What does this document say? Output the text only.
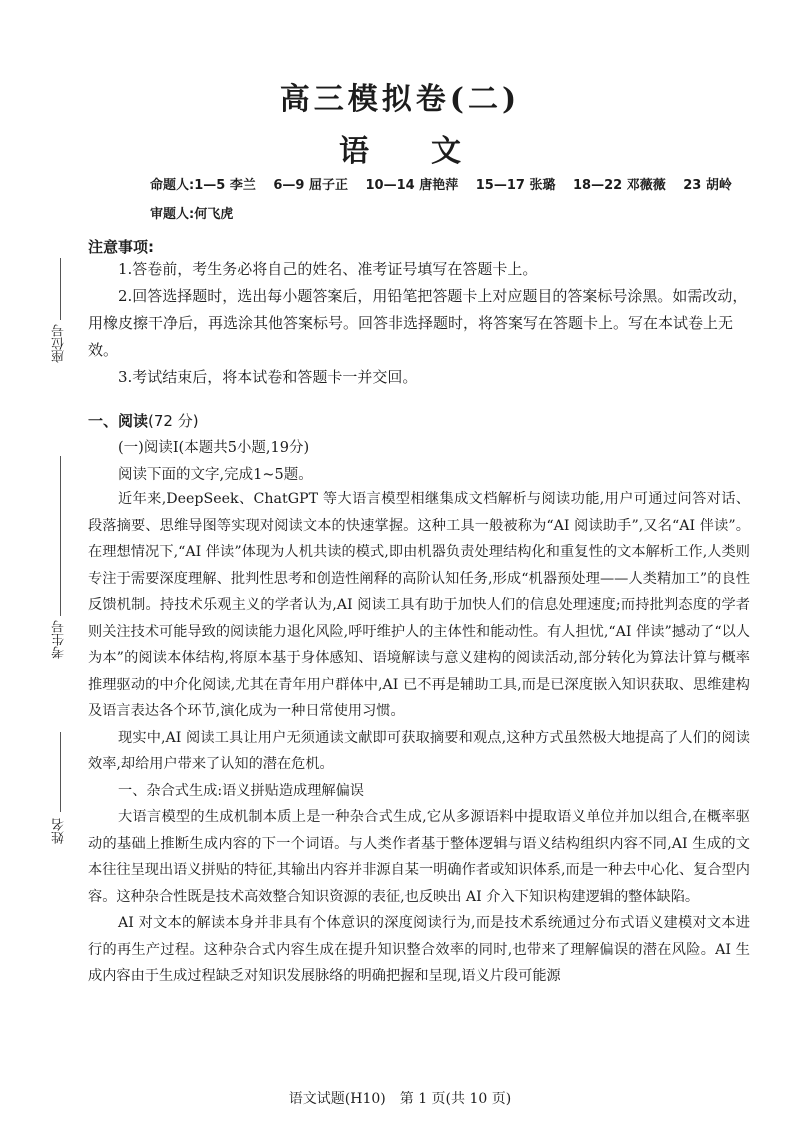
高三模拟卷(二)
语 文
命题人:1—5 李兰 6—9 屈子正 10—14 唐艳萍 15—17 张璐 18—22 邓薇薇 23 胡岭
审题人:何飞虎
座位号
考生号
姓名
注意事项:

1.答卷前，考生务必将自己的姓名、准考证号填写在答题卡上。

2.回答选择题时，选出每小题答案后，用铅笔把答题卡上对应题目的答案标号涂黑。如需改动，用橡皮擦干净后，再选涂其他答案标号。回答非选择题时，将答案写在答题卡上。写在本试卷上无效。

3.考试结束后，将本试卷和答题卡一并交回。

一、阅读(72 分)
(一)阅读Ⅰ(本题共5小题,19分)
阅读下面的文字,完成1~5题。

近年来,DeepSeek、ChatGPT 等大语言模型相继集成文档解析与阅读功能,用户可通过问答对话、段落摘要、思维导图等实现对阅读文本的快速掌握。这种工具一般被称为“AI 阅读助手”,又名“AI 伴读”。在理想情况下,“AI 伴读”体现为人机共读的模式,即由机器负责处理结构化和重复性的文本解析工作,人类则专注于需要深度理解、批判性思考和创造性阐释的高阶认知任务,形成“机器预处理——人类精加工”的良性反馈机制。持技术乐观主义的学者认为,AI 阅读工具有助于加快人们的信息处理速度;而持批判态度的学者则关注技术可能导致的阅读能力退化风险,呼吁维护人的主体性和能动性。有人担忧,“AI 伴读”撼动了“以人为本”的阅读本体结构,将原本基于身体感知、语境解读与意义建构的阅读活动,部分转化为算法计算与概率推理驱动的中介化阅读,尤其在青年用户群体中,AI 已不再是辅助工具,而是已深度嵌入知识获取、思维建构及语言表达各个环节,演化成为一种日常使用习惯。

现实中,AI 阅读工具让用户无须通读文献即可获取摘要和观点,这种方式虽然极大地提高了人们的阅读效率,却给用户带来了认知的潜在危机。

一、杂合式生成:语义拼贴造成理解偏误

大语言模型的生成机制本质上是一种杂合式生成,它从多源语料中提取语义单位并加以组合,在概率驱动的基础上推断生成内容的下一个词语。与人类作者基于整体逻辑与语义结构组织内容不同,AI 生成的文本往往呈现出语义拼贴的特征,其输出内容并非源自某一明确作者或知识体系,而是一种去中心化、复合型内容。这种杂合性既是技术高效整合知识资源的表征,也反映出 AI 介入下知识构建逻辑的整体缺陷。

AI 对文本的解读本身并非具有个体意识的深度阅读行为,而是技术系统通过分布式语义建模对文本进行的再生产过程。这种杂合式内容生成在提升知识整合效率的同时,也带来了理解偏误的潜在风险。AI 生成内容由于生成过程缺乏对知识发展脉络的明确把握和呈现,语义片段可能源

语文试题(H10)　第 1 页(共 10 页)
